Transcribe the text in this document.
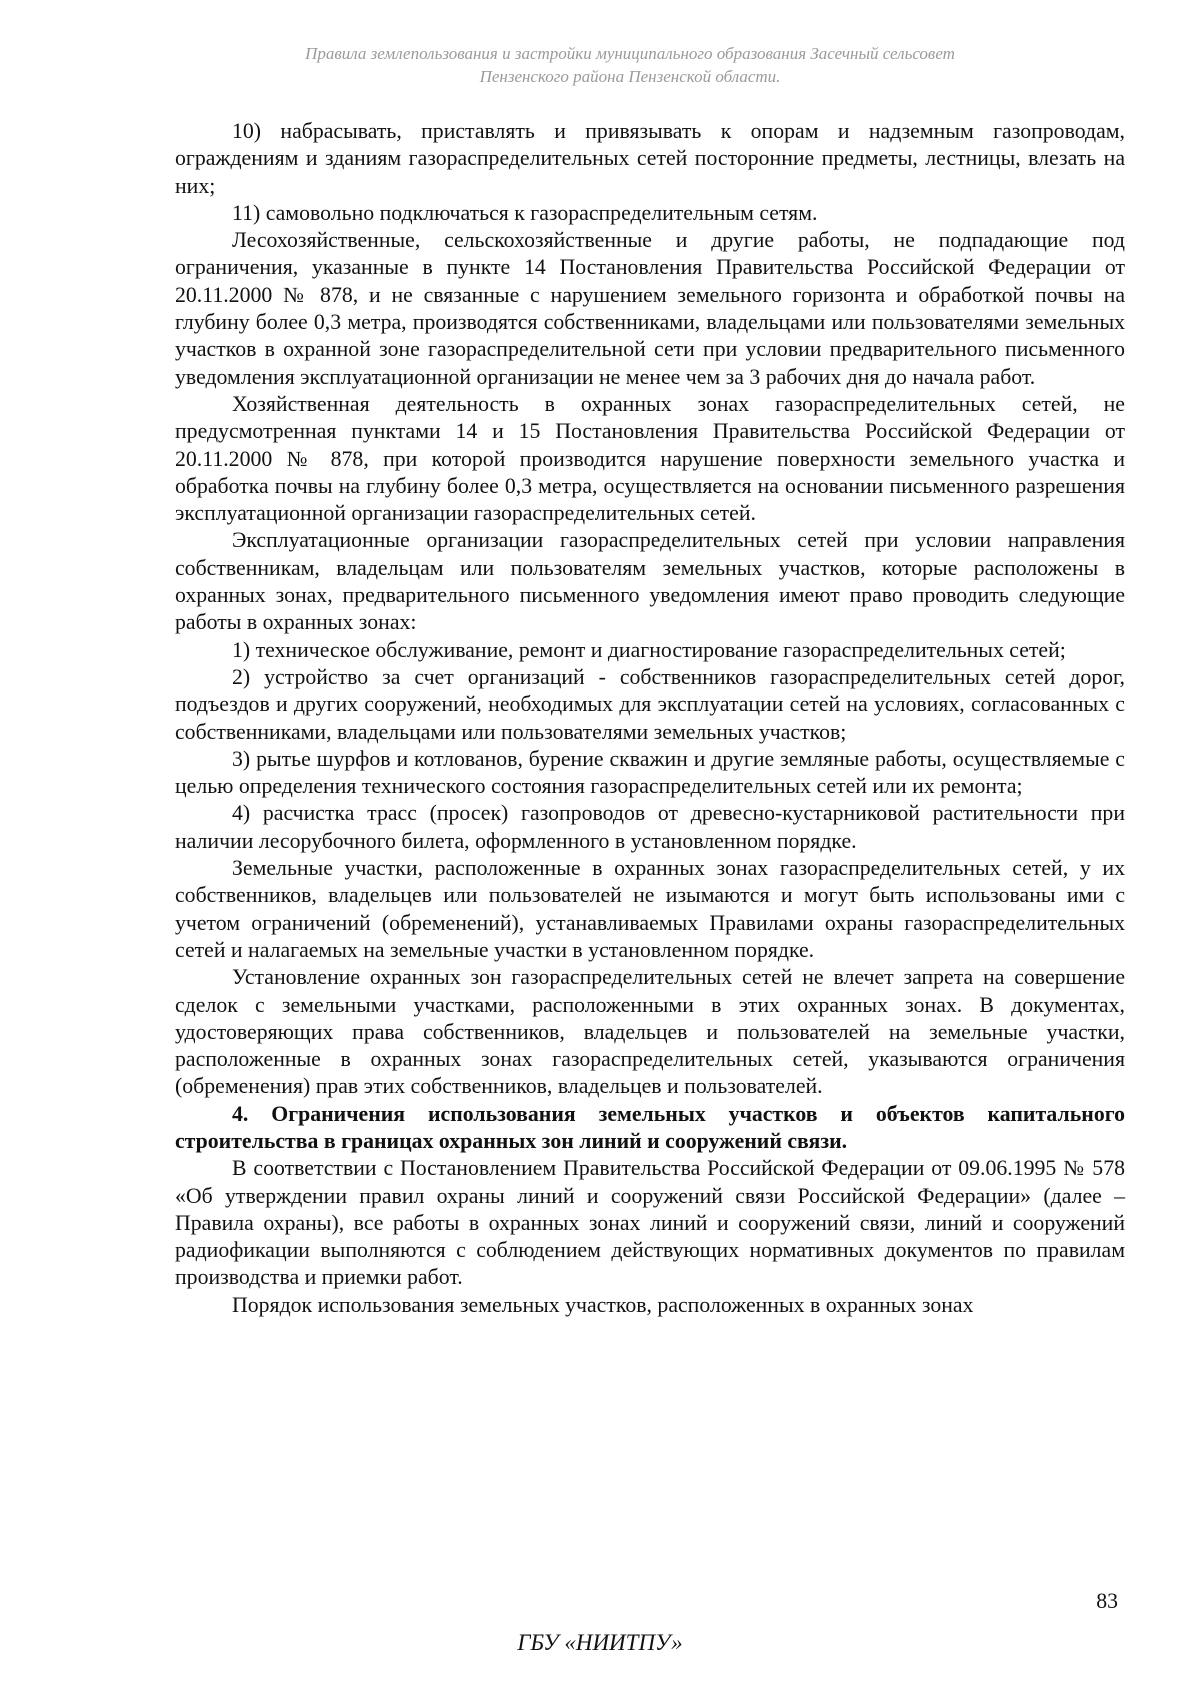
Правила землепользования и застройки муниципального образования Засечный сельсовет
Пензенского района Пензенской области.

10) набрасывать, приставлять и привязывать к опорам и надземным газопроводам, ограждениям и зданиям газораспределительных сетей посторонние предметы, лестницы, влезать на них;

11) самовольно подключаться к газораспределительным сетям.

Лесохозяйственные, сельскохозяйственные и другие работы, не подпадающие под ограничения, указанные в пункте 14 Постановления Правительства Российской Федерации от 20.11.2000 № 878, и не связанные с нарушением земельного горизонта и обработкой почвы на глубину более 0,3 метра, производятся собственниками, владельцами или пользователями земельных участков в охранной зоне газораспределительной сети при условии предварительного письменного уведомления эксплуатационной организации не менее чем за 3 рабочих дня до начала работ.

Хозяйственная деятельность в охранных зонах газораспределительных сетей, не предусмотренная пунктами 14 и 15 Постановления Правительства Российской Федерации от 20.11.2000 № 878, при которой производится нарушение поверхности земельного участка и обработка почвы на глубину более 0,3 метра, осуществляется на основании письменного разрешения эксплуатационной организации газораспределительных сетей.

Эксплуатационные организации газораспределительных сетей при условии направления собственникам, владельцам или пользователям земельных участков, которые расположены в охранных зонах, предварительного письменного уведомления имеют право проводить следующие работы в охранных зонах:

1) техническое обслуживание, ремонт и диагностирование газораспределительных сетей;

2) устройство за счет организаций - собственников газораспределительных сетей дорог, подъездов и других сооружений, необходимых для эксплуатации сетей на условиях, согласованных с собственниками, владельцами или пользователями земельных участков;

3) рытье шурфов и котлованов, бурение скважин и другие земляные работы, осуществляемые с целью определения технического состояния газораспределительных сетей или их ремонта;

4) расчистка трасс (просек) газопроводов от древесно-кустарниковой растительности при наличии лесорубочного билета, оформленного в установленном порядке.

Земельные участки, расположенные в охранных зонах газораспределительных сетей, у их собственников, владельцев или пользователей не изымаются и могут быть использованы ими с учетом ограничений (обременений), устанавливаемых Правилами охраны газораспределительных сетей и налагаемых на земельные участки в установленном порядке.

Установление охранных зон газораспределительных сетей не влечет запрета на совершение сделок с земельными участками, расположенными в этих охранных зонах. В документах, удостоверяющих права собственников, владельцев и пользователей на земельные участки, расположенные в охранных зонах газораспределительных сетей, указываются ограничения (обременения) прав этих собственников, владельцев и пользователей.

4. Ограничения использования земельных участков и объектов капитального строительства в границах охранных зон линий и сооружений связи.

В соответствии с Постановлением Правительства Российской Федерации от 09.06.1995 № 578 «Об утверждении правил охраны линий и сооружений связи Российской Федерации» (далее – Правила охраны), все работы в охранных зонах линий и сооружений связи, линий и сооружений радиофикации выполняются с соблюдением действующих нормативных документов по правилам производства и приемки работ.

Порядок использования земельных участков, расположенных в охранных зонах

83
ГБУ «НИИТПУ»
